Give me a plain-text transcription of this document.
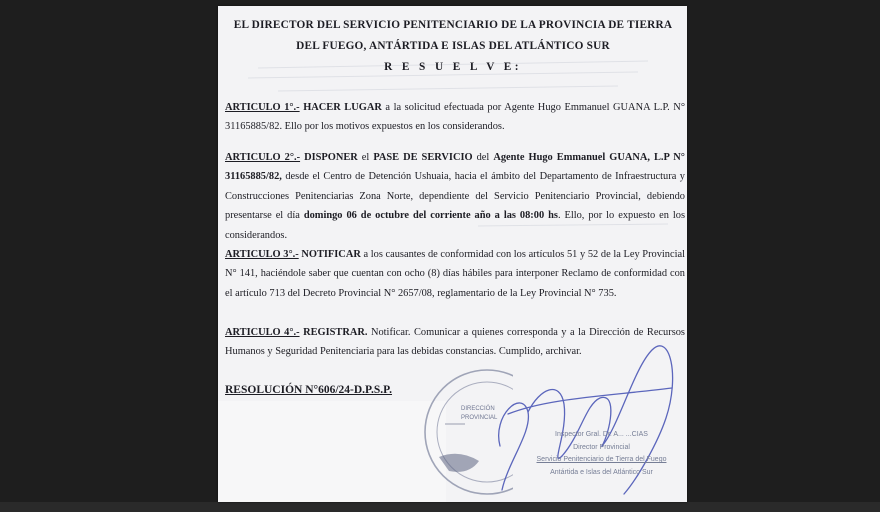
EL DIRECTOR DEL SERVICIO PENITENCIARIO DE LA PROVINCIA DE TIERRA
DEL FUEGO, ANTÁRTIDA E ISLAS DEL ATLÁNTICO SUR
R E S U E L V E:
ARTICULO 1°.- HACER LUGAR a la solicitud efectuada por Agente Hugo Emmanuel GUANA L.P. N° 31165885/82. Ello por los motivos expuestos en los considerandos.
ARTICULO 2°.- DISPONER el PASE DE SERVICIO del Agente Hugo Emmanuel GUANA, L.P N° 31165885/82, desde el Centro de Detención Ushuaia, hacia el ámbito del Departamento de Infraestructura y Construcciones Penitenciarias Zona Norte, dependiente del Servicio Penitenciario Provincial, debiendo presentarse el día domingo 06 de octubre del corriente año a las 08:00 hs. Ello, por lo expuesto en los considerandos.
ARTICULO 3°.- NOTIFICAR a los causantes de conformidad con los artículos 51 y 52 de la Ley Provincial N° 141, haciéndole saber que cuentan con ocho (8) días hábiles para interponer Reclamo de conformidad con el artículo 713 del Decreto Provincial N° 2657/08, reglamentario de la Ley Provincial N° 735.
ARTICULO 4°.- REGISTRAR. Notificar. Comunicar a quienes corresponda y a la Dirección de Recursos Humanos y Seguridad Penitenciaria para las debidas constancias. Cumplido, archivar.
RESOLUCIÓN N°606/24-D.P.S.P.
DIRECCIÓN
PROVINCIAL
Inspector Gral. Dr. A... ...CIAS
Director Provincial
Servicio Penitenciario de Tierra del Fuego
Antártida e Islas del Atlántico Sur
